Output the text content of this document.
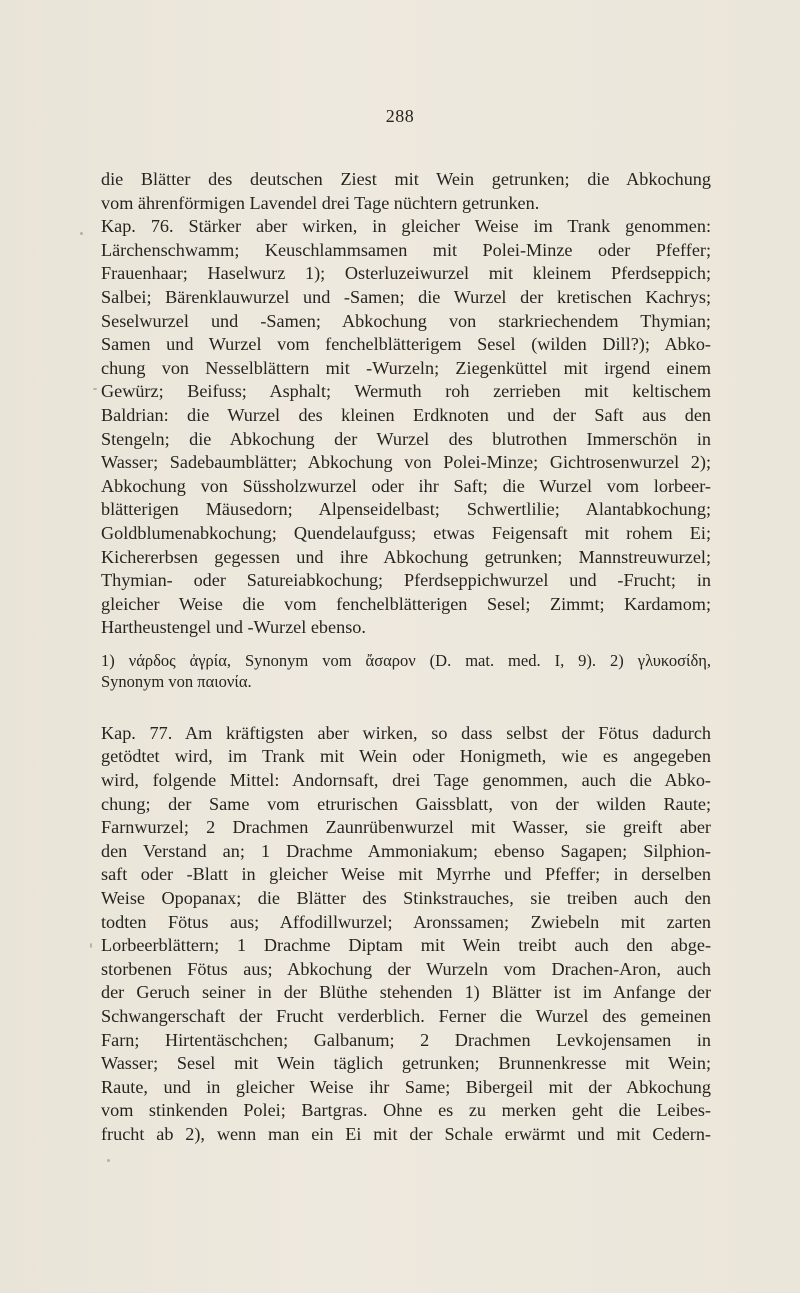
288
die Blätter des deutschen Ziest mit Wein getrunken; die Abkochung
vom ährenförmigen Lavendel drei Tage nüchtern getrunken.
Kap. 76. Stärker aber wirken, in gleicher Weise im Trank genommen:
Lärchenschwamm; Keuschlammsamen mit Polei-Minze oder Pfeffer;
Frauenhaar; Haselwurz 1); Osterluzeiwurzel mit kleinem Pferdseppich;
Salbei; Bärenklauwurzel und -Samen; die Wurzel der kretischen Kachrys;
Seselwurzel und -Samen; Abkochung von starkriechendem Thymian;
Samen und Wurzel vom fenchelblätterigem Sesel (wilden Dill?); Abko-
chung von Nesselblättern mit -Wurzeln; Ziegenküttel mit irgend einem
Gewürz; Beifuss; Asphalt; Wermuth roh zerrieben mit keltischem
Baldrian: die Wurzel des kleinen Erdknoten und der Saft aus den
Stengeln; die Abkochung der Wurzel des blutrothen Immerschön in
Wasser; Sadebaumblätter; Abkochung von Polei-Minze; Gichtrosenwurzel 2);
Abkochung von Süssholzwurzel oder ihr Saft; die Wurzel vom lorbeer-
blätterigen Mäusedorn; Alpenseidelbast; Schwertlilie; Alantabkochung;
Goldblumenabkochung; Quendelaufguss; etwas Feigensaft mit rohem Ei;
Kichererbsen gegessen und ihre Abkochung getrunken; Mannstreuwurzel;
Thymian- oder Satureiabkochung; Pferdseppichwurzel und -Frucht; in
gleicher Weise die vom fenchelblätterigen Sesel; Zimmt; Kardamom;
Hartheustengel und -Wurzel ebenso.
1) νάρδος ἀγρία, Synonym vom ἄσαρον (D. mat. med. I, 9). 2) γλυκοσίδη,
Synonym von παιονία.
Kap. 77. Am kräftigsten aber wirken, so dass selbst der Fötus dadurch
getödtet wird, im Trank mit Wein oder Honigmeth, wie es angegeben
wird, folgende Mittel: Andornsaft, drei Tage genommen, auch die Abko-
chung; der Same vom etrurischen Gaissblatt, von der wilden Raute;
Farnwurzel; 2 Drachmen Zaunrübenwurzel mit Wasser, sie greift aber
den Verstand an; 1 Drachme Ammoniakum; ebenso Sagapen; Silphion-
saft oder -Blatt in gleicher Weise mit Myrrhe und Pfeffer; in derselben
Weise Opopanax; die Blätter des Stinkstrauches, sie treiben auch den
todten Fötus aus; Affodillwurzel; Aronssamen; Zwiebeln mit zarten
Lorbeerblättern; 1 Drachme Diptam mit Wein treibt auch den abge-
storbenen Fötus aus; Abkochung der Wurzeln vom Drachen-Aron, auch
der Geruch seiner in der Blüthe stehenden 1) Blätter ist im Anfange der
Schwangerschaft der Frucht verderblich. Ferner die Wurzel des gemeinen
Farn; Hirtentäschchen; Galbanum; 2 Drachmen Levkojensamen in
Wasser; Sesel mit Wein täglich getrunken; Brunnenkresse mit Wein;
Raute, und in gleicher Weise ihr Same; Bibergeil mit der Abkochung
vom stinkenden Polei; Bartgras. Ohne es zu merken geht die Leibes-
frucht ab 2), wenn man ein Ei mit der Schale erwärmt und mit Cedern-
